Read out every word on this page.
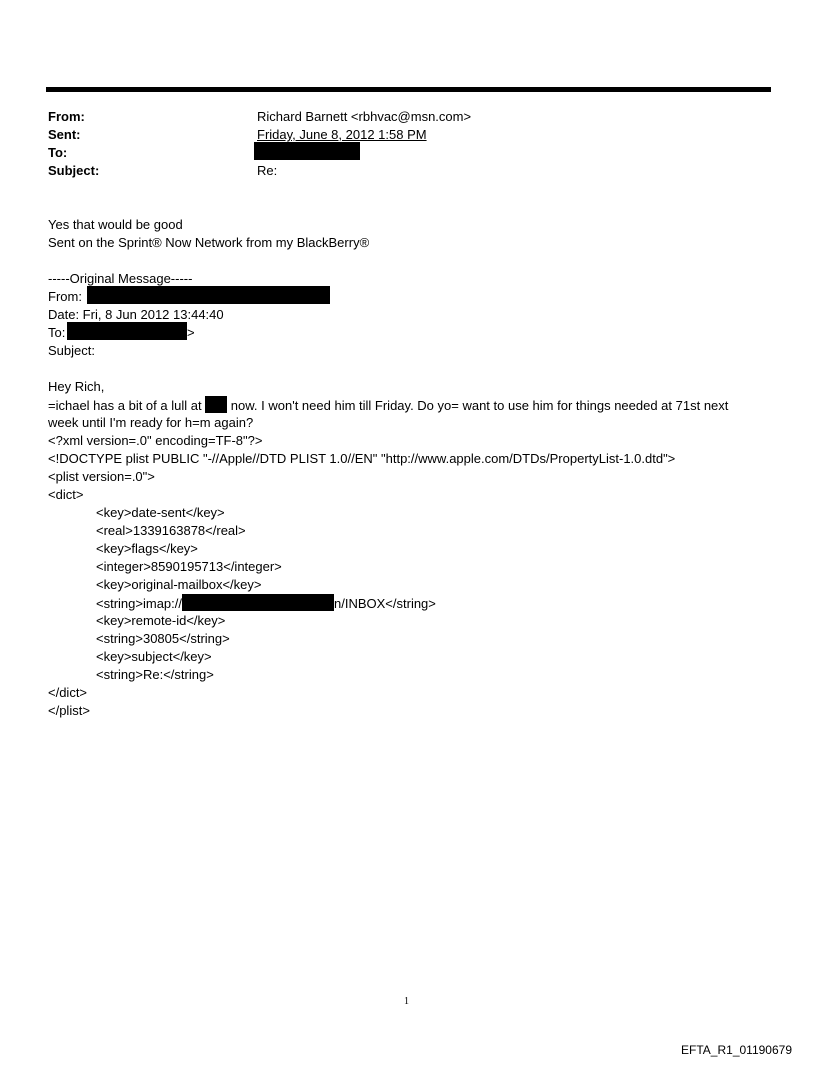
From:	Richard Barnett <rbhvac@msn.com>
Sent:	Friday, June 8, 2012 1:58 PM
To:
Subject:	Re:
Yes that would be good
Sent on the Sprint® Now Network from my BlackBerry®
-----Original Message-----
From:
Date: Fri, 8 Jun 2012 13:44:40
To:	>
Subject:
Hey Rich,
=ichael has a bit of a lull at  now. I won't need him till Friday. Do yo= want to use him for things needed at 71st next
week until I'm ready for h=m again?
<?xml version=.0" encoding=TF-8"?>
<!DOCTYPE plist PUBLIC "-//Apple//DTD PLIST 1.0//EN" "http://www.apple.com/DTDs/PropertyList-1.0.dtd">
<plist version=.0">
<dict>
<key>date-sent</key>
<real>1339163878</real>
<key>flags</key>
<integer>8590195713</integer>
<key>original-mailbox</key>
<string>imap://	n/INBOX</string>
<key>remote-id</key>
<string>30805</string>
<key>subject</key>
<string>Re:</string>
</dict>
</plist>
1
EFTA_R1_01190679
